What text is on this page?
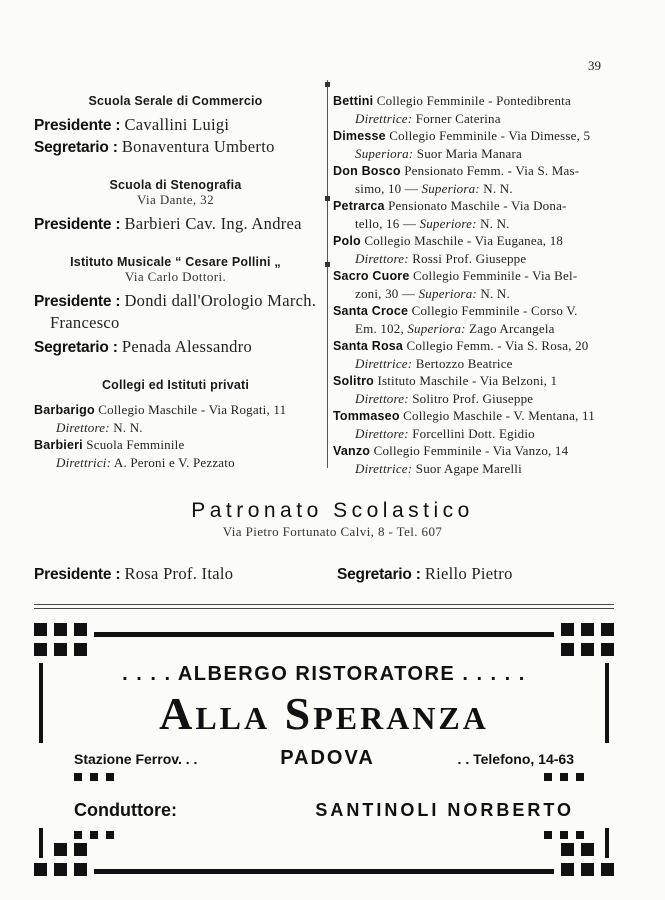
39

Scuola Serale di Commercio

Presidente : Cavallini Luigi

Segretario : Bonaventura Umberto

Scuola di Stenografia

Via Dante, 32

Presidente : Barbieri Cav. Ing. Andrea

Istituto Musicale “ Cesare Pollini „

Via Carlo Dottori.

Presidente : Dondi dall'Orologio March.

Francesco

Segretario : Penada Alessandro

Collegi ed Istituti privati

Barbarigo Collegio Maschile - Via Rogati, 11

Direttore: N. N.

Barbieri Scuola Femminile

Direttrici: A. Peroni e V. Pezzato

Bettini Collegio Femminile - Pontedibrenta

Direttrice: Forner Caterina

Dimesse Collegio Femminile - Via Dimesse, 5

Superiora: Suor Maria Manara

Don Bosco Pensionato Femm. - Via S. Mas-

simo, 10 — Superiora: N. N.

Petrarca Pensionato Maschile - Via Dona-

tello, 16 — Superiore: N. N.

Polo Collegio Maschile - Via Euganea, 18

Direttore: Rossi Prof. Giuseppe

Sacro Cuore Collegio Femminile - Via Bel-

zoni, 30 — Superiora: N. N.

Santa Croce Collegio Femminile - Corso V.

Em. 102, Superiora: Zago Arcangela

Santa Rosa Collegio Femm. - Via S. Rosa, 20

Direttrice: Bertozzo Beatrice

Solitro Istituto Maschile - Via Belzoni, 1

Direttore: Solitro Prof. Giuseppe

Tommaseo Collegio Maschile - V. Mentana, 11

Direttore: Forcellini Dott. Egidio

Vanzo Collegio Femminile - Via Vanzo, 14

Direttrice: Suor Agape Marelli

Patronato Scolastico

Via Pietro Fortunato Calvi, 8 - Tel. 607

Presidente : Rosa Prof. Italo	Segretario : Riello Pietro

. . . . ALBERGO RISTORATORE . . . . .

Alla Speranza

Stazione Ferrov. . .	PADOVA	. . Telefono, 14-63
Conduttore:	SANTINOLI NORBERTO
